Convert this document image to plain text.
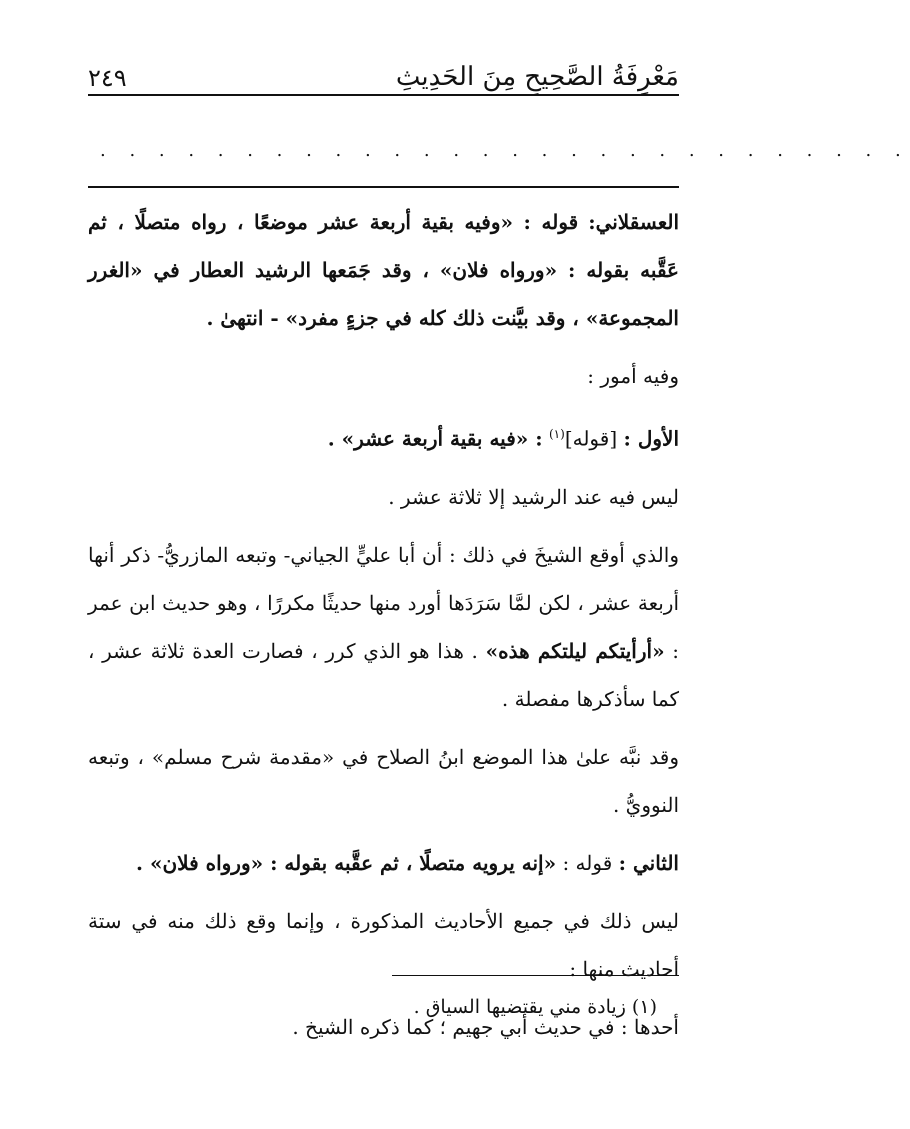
٢٤٩	مَعْرِفَةُ الصَّحِيحِ مِنَ الحَدِيثِ
. . . . . . . . . . . . . . . . . . . . . . . . . . . .

العسقلاني: قوله : «وفيه بقية أربعة عشر موضعًا ، رواه متصلًا ، ثم عَقَّبه بقوله : «ورواه فلان» ، وقد جَمَعها الرشيد العطار في «الغرر المجموعة» ، وقد بيَّنت ذلك كله في جزءٍ مفرد» - انتهىٰ .

وفيه أمور :

الأول : [قوله]$^{(١)}$ : «فيه بقية أربعة عشر» .

ليس فيه عند الرشيد إلا ثلاثة عشر .

والذي أوقع الشيخَ في ذلك : أن أبا عليٍّ الجياني- وتبعه المازريُّ- ذكر أنها أربعة عشر ، لكن لمَّا سَرَدَها أورد منها حديثًا مكررًا ، وهو حديث ابن عمر : «أرأيتكم ليلتكم هذه» . هذا هو الذي كرر ، فصارت العدة ثلاثة عشر ، كما سأذكرها مفصلة .

وقد نبَّه علىٰ هذا الموضع ابنُ الصلاح في «مقدمة شرح مسلم» ، وتبعه النوويُّ .

الثاني : قوله : «إنه يرويه متصلًا ، ثم عقَّبه بقوله : «ورواه فلان» .

ليس ذلك في جميع الأحاديث المذكورة ، وإنما وقع ذلك منه في ستة أحاديث منها :

أحدها : في حديث أبي جهيم ؛ كما ذكره الشيخ .

(١) زيادة مني يقتضيها السياق .
